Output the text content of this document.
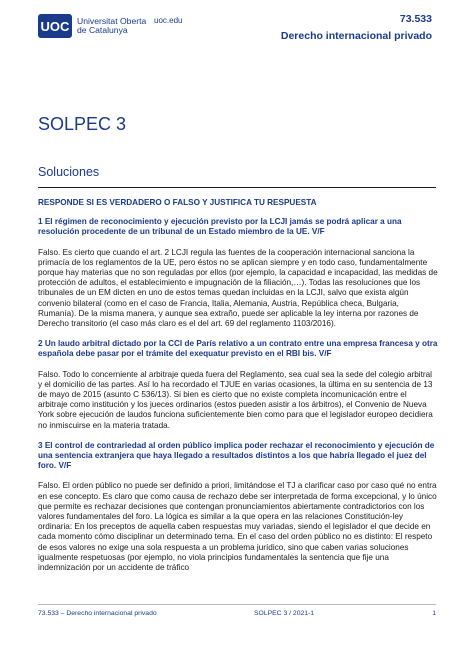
UOC Universitat Oberta
de Catalunya
uoc.edu	73.533
Derecho internacional privado
SOLPEC 3
Soluciones

RESPONDE SI ES VERDADERO O FALSO Y JUSTIFICA TU RESPUESTA

1 El régimen de reconocimiento y ejecución previsto por la LCJI jamás se podrá aplicar a una resolución procedente de un tribunal de un Estado miembro de la UE. V/F

Falso. Es cierto que cuando el art. 2 LCJI regula las fuentes de la cooperación internacional sanciona la primacía de los reglamentos de la UE, pero éstos no se aplican siempre y en todo caso, fundamentalmente porque hay materias que no son reguladas por ellos (por ejemplo, la capacidad e incapacidad, las medidas de protección de adultos, el establecimiento e impugnación de la filiación,…). Todas las resoluciones que los tribunales de un EM dicten en uno de estos temas quedan incluidas en la LCJI, salvo que exista algún convenio bilateral (como en el caso de Francia, Italia, Alemania, Austria, República checa, Bulgaria, Rumanía). De la misma manera, y aunque sea extraño, puede ser aplicable la ley interna por razones de Derecho transitorio (el caso más claro es el del art. 69 del reglamento 1103/2016).

2 Un laudo arbitral dictado por la CCI de París relativo a un contrato entre una empresa francesa y otra española debe pasar por el trámite del exequatur previsto en el RBI bis. V/F

Falso. Todo lo concerniente al arbitraje queda fuera del Reglamento, sea cual sea la sede del colegio arbitral y el domicilio de las partes. Así lo ha recordado el TJUE en varias ocasiones, la última en su sentencia de 13 de mayo de 2015 (asunto C 536/13). Si bien es cierto que no existe completa incomunicación entre el arbitraje como institución y los jueces ordinarios (estos pueden asistir a los árbitros), el Convenio de Nueva York sobre ejecución de laudos funciona suficientemente bien como para que el legislador europeo decidiera no inmiscuirse en la materia tratada.

3 El control de contrariedad al orden público implica poder rechazar el reconocimiento y ejecución de una sentencia extranjera que haya llegado a resultados distintos a los que habría llegado el juez del foro. V/F

Falso. El orden público no puede ser definido a priori, limitándose el TJ a clarificar caso por caso qué no entra en ese concepto. Es claro que como causa de rechazo debe ser interpretada de forma excepcional, y lo único que permite es rechazar decisiones que contengan pronunciamientos abiertamente contradictorios con los valores fundamentales del foro. La lógica es similar a la que opera en las relaciones Constitución-ley ordinaria: En los preceptos de aquella caben respuestas muy variadas, siendo el legislador el que decide en cada momento cómo disciplinar un determinado tema. En el caso del orden público no es distinto: El respeto de esos valores no exige una sola respuesta a un problema jurídico, sino que caben varias soluciones igualmente respetuosas (por ejemplo, no viola principios fundamentales la sentencia que fije una indemnización por un accidente de tráfico

73.533 – Derecho internacional privado	SOLPEC 3 / 2021-1	1
